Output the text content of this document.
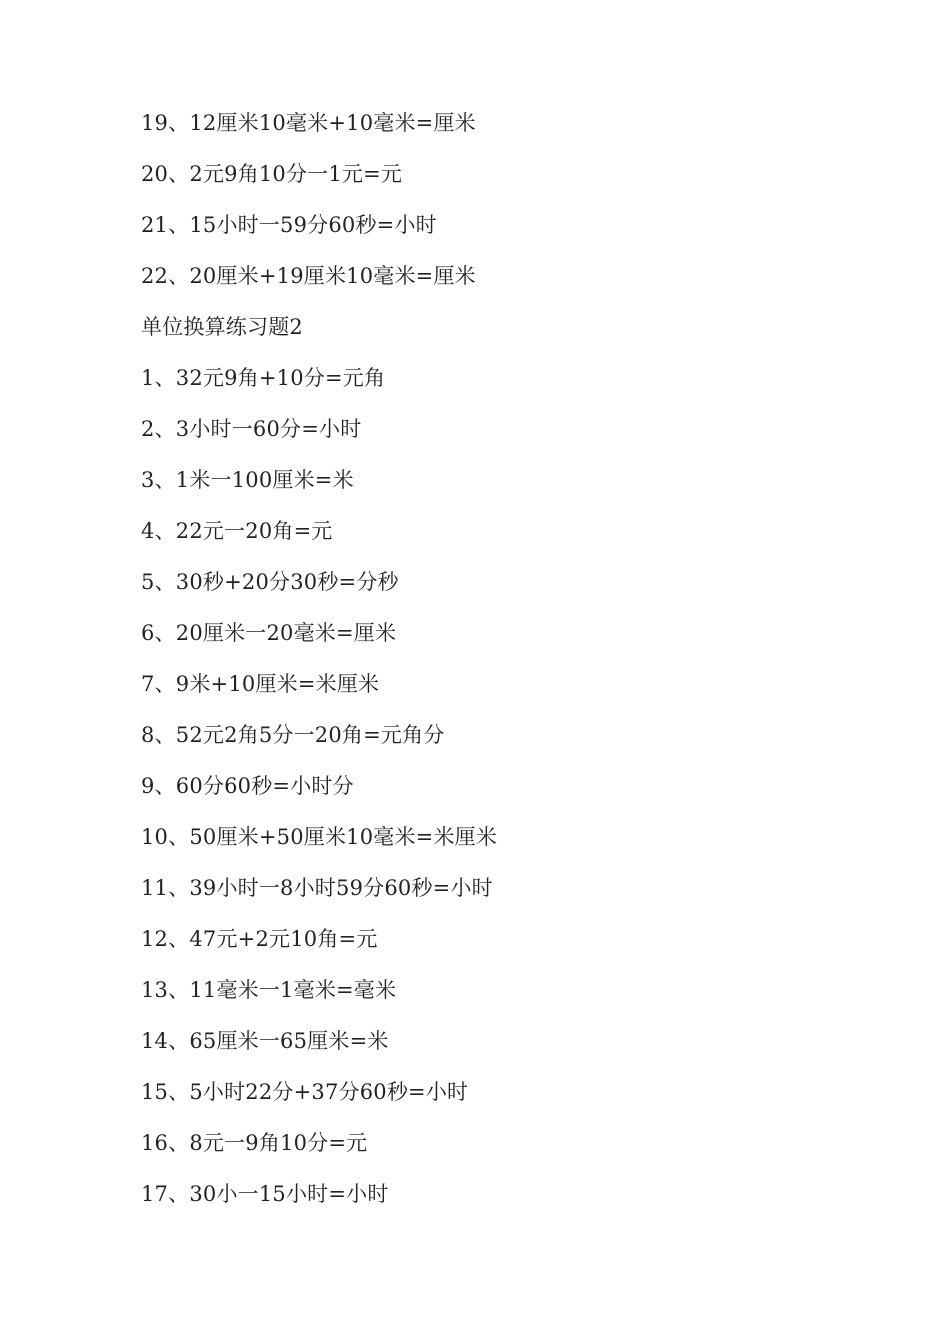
19、12厘米10毫米+10毫米=厘米
20、2元9角10分一1元=元
21、15小时一59分60秒=小时
22、20厘米+19厘米10毫米=厘米
单位换算练习题2
1、32元9角+10分=元角
2、3小时一60分=小时
3、1米一100厘米=米
4、22元一20角=元
5、30秒+20分30秒=分秒
6、20厘米一20毫米=厘米
7、9米+10厘米=米厘米
8、52元2角5分一20角=元角分
9、60分60秒=小时分
10、50厘米+50厘米10毫米=米厘米
11、39小时一8小时59分60秒=小时
12、47元+2元10角=元
13、11毫米一1毫米=毫米
14、65厘米一65厘米=米
15、5小时22分+37分60秒=小时
16、8元一9角10分=元
17、30小一15小时=小时
